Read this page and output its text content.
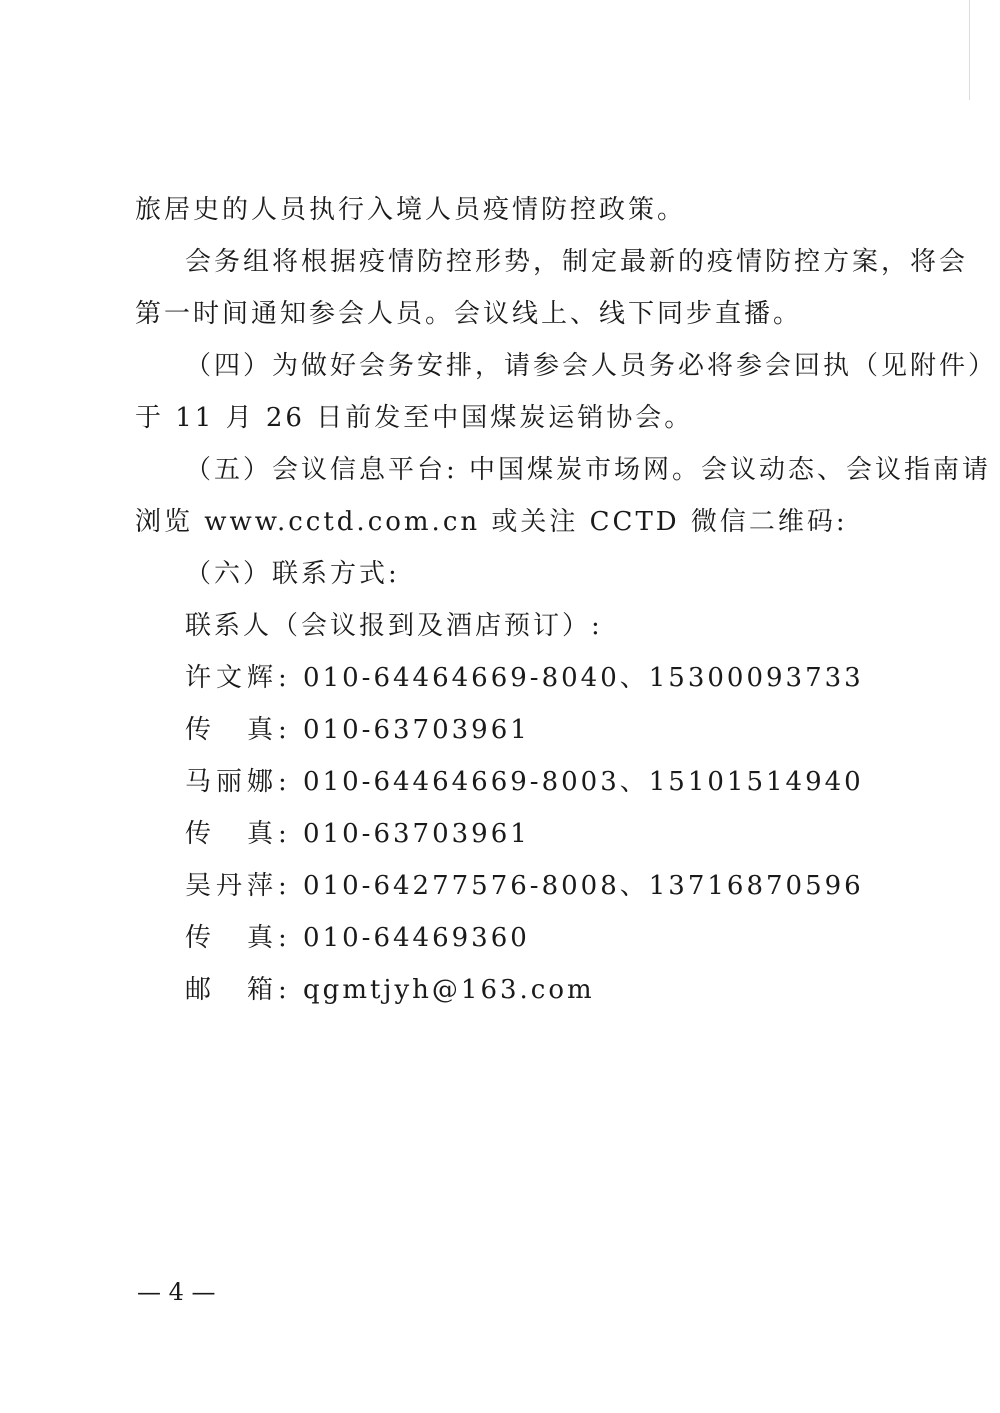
旅居史的人员执行入境人员疫情防控政策。
会务组将根据疫情防控形势，制定最新的疫情防控方案，将会
第一时间通知参会人员。会议线上、线下同步直播。
（四）为做好会务安排，请参会人员务必将参会回执（见附件）
于 11 月 26 日前发至中国煤炭运销协会。
（五）会议信息平台: 中国煤炭市场网。会议动态、会议指南请
浏览 www.cctd.com.cn 或关注 CCTD 微信二维码:
（六）联系方式:
联系人（会议报到及酒店预订）:
许文辉: 010-64464669-8040、15300093733
传　真: 010-63703961
马丽娜: 010-64464669-8003、15101514940
传　真: 010-63703961
吴丹萍: 010-64277576-8008、13716870596
传　真: 010-64469360
邮　箱: qgmtjyh@163.com
— 4 —
